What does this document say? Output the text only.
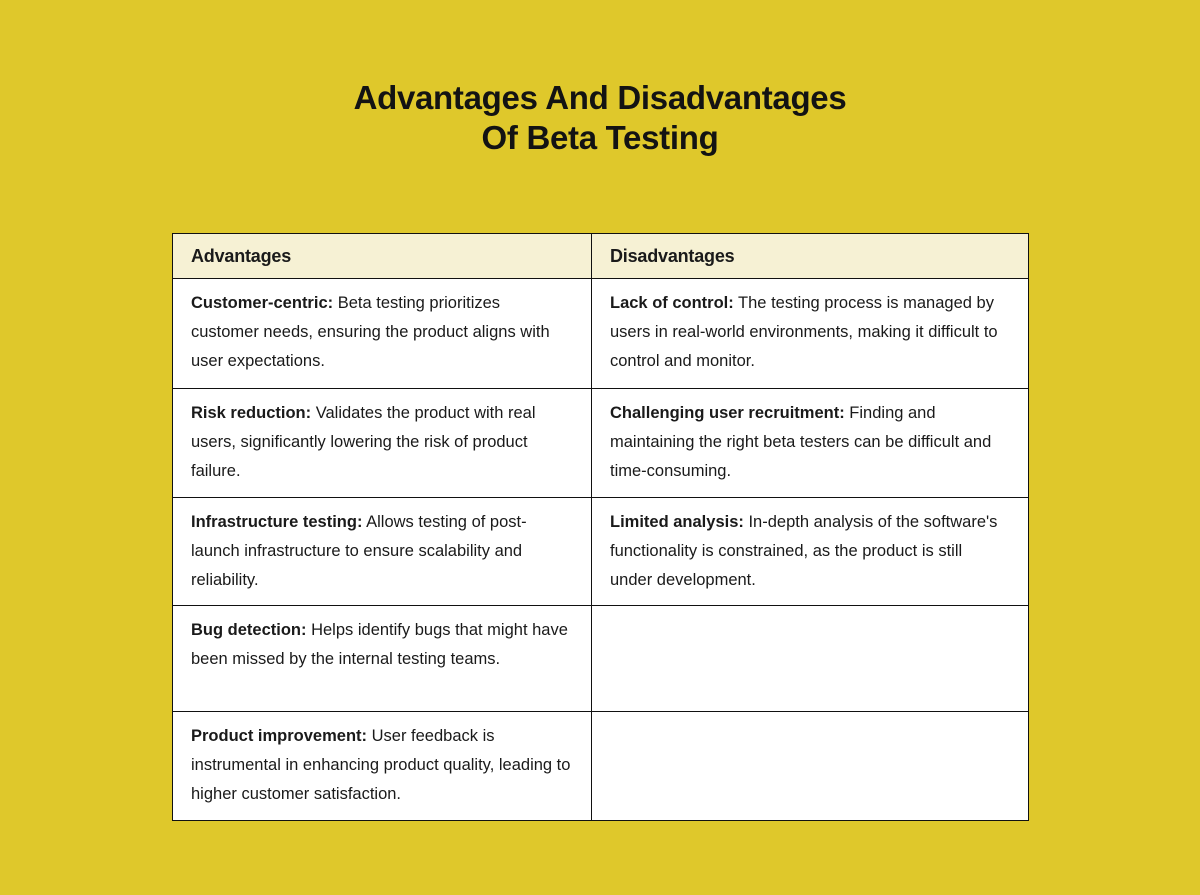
Advantages And Disadvantages
Of Beta Testing
Advantages	Disadvantages
Customer-centric: Beta testing prioritizes customer needs, ensuring the product aligns with user expectations.	Lack of control: The testing process is managed by users in real-world environments, making it difficult to control and monitor.
Risk reduction: Validates the product with real users, significantly lowering the risk of product failure.	Challenging user recruitment: Finding and maintaining the right beta testers can be difficult and time-consuming.
Infrastructure testing: Allows testing of post-launch infrastructure to ensure scalability and reliability.	Limited analysis: In-depth analysis of the software's functionality is constrained, as the product is still under development.
Bug detection: Helps identify bugs that might have been missed by the internal testing teams.	
Product improvement: User feedback is instrumental in enhancing product quality, leading to higher customer satisfaction.	
